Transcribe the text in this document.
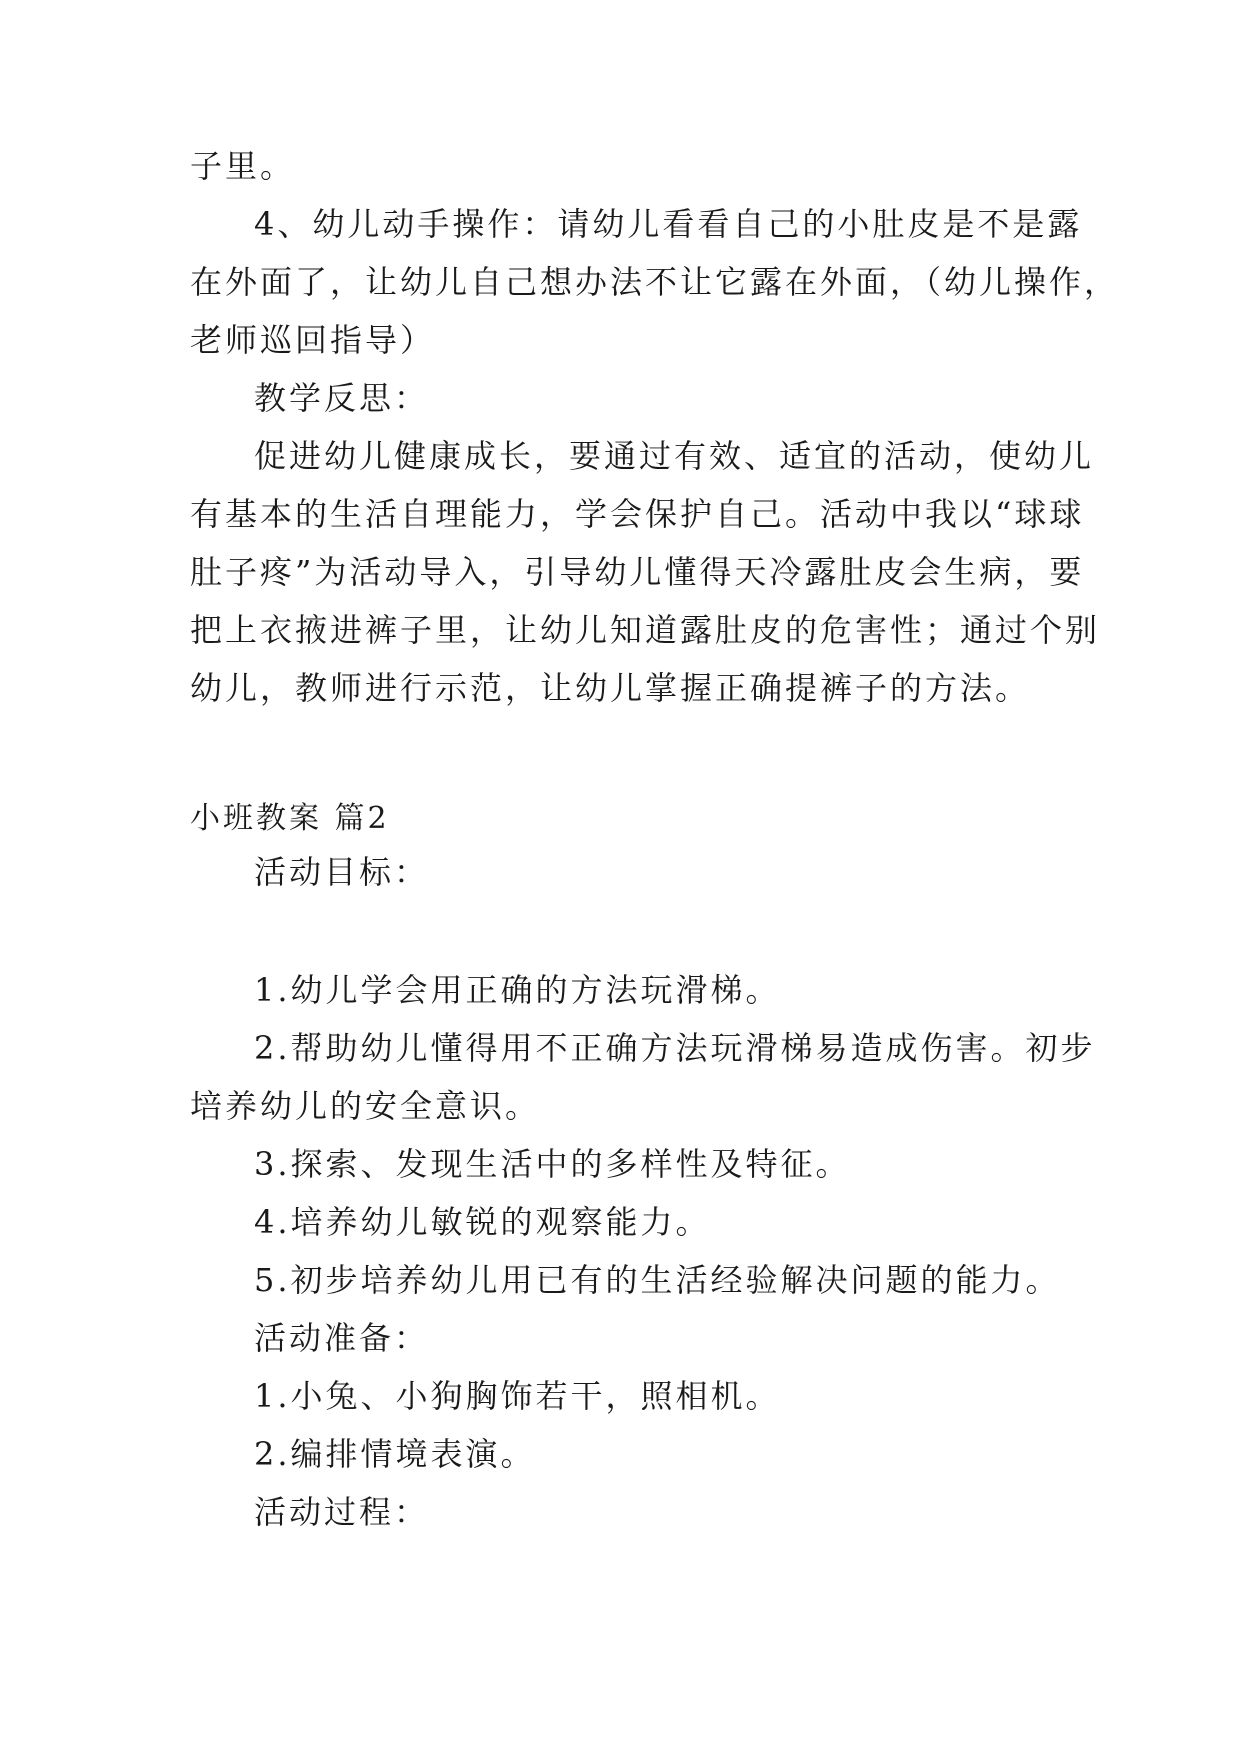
子里。
4、幼儿动手操作：请幼儿看看自己的小肚皮是不是露
在外面了，让幼儿自己想办法不让它露在外面，（幼儿操作，
老师巡回指导）
教学反思：
促进幼儿健康成长，要通过有效、适宜的活动，使幼儿
有基本的生活自理能力，学会保护自己。活动中我以“球球
肚子疼”为活动导入，引导幼儿懂得天冷露肚皮会生病，要
把上衣掖进裤子里，让幼儿知道露肚皮的危害性；通过个别
幼儿，教师进行示范，让幼儿掌握正确提裤子的方法。
小班教案 篇2
活动目标：
1.幼儿学会用正确的方法玩滑梯。
2.帮助幼儿懂得用不正确方法玩滑梯易造成伤害。初步
培养幼儿的安全意识。
3.探索、发现生活中的多样性及特征。
4.培养幼儿敏锐的观察能力。
5.初步培养幼儿用已有的生活经验解决问题的能力。
活动准备：
1.小兔、小狗胸饰若干，照相机。
2.编排情境表演。
活动过程：
